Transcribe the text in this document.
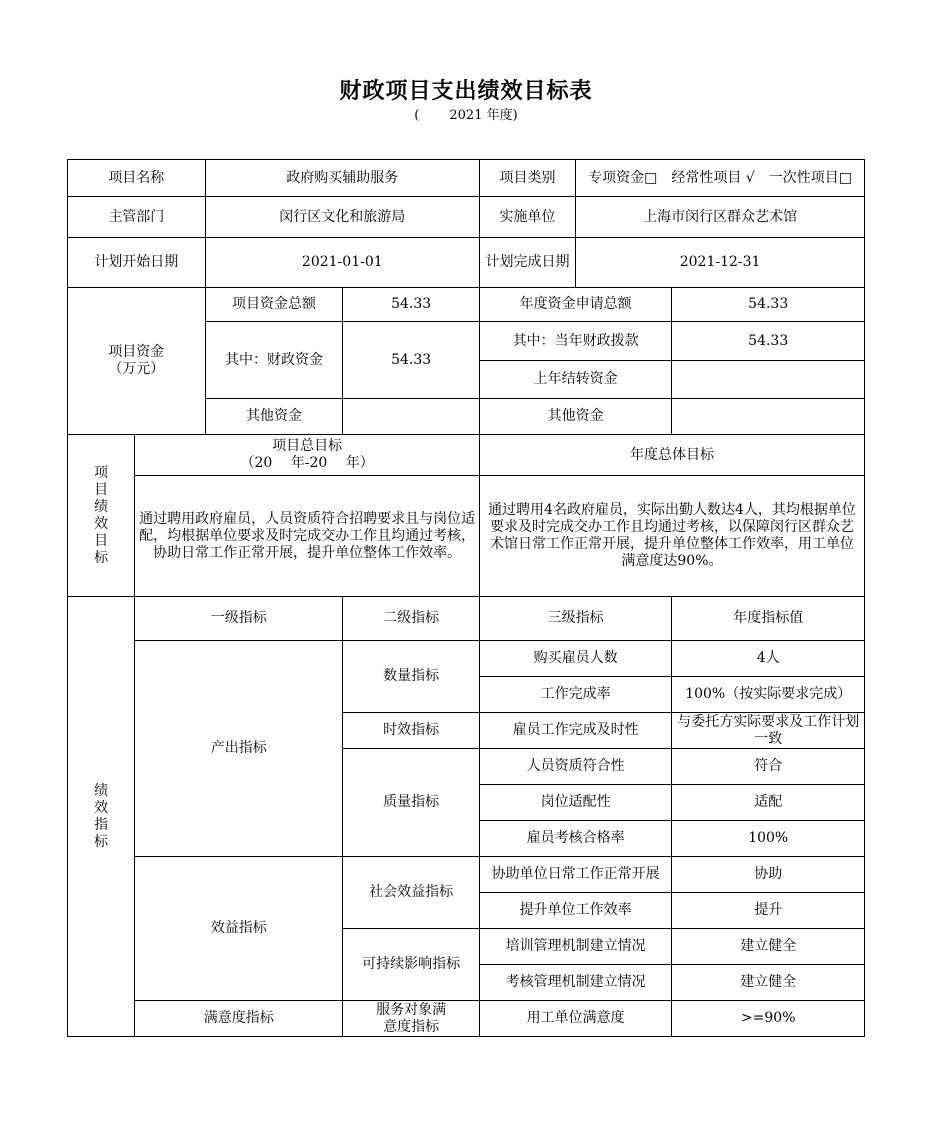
财政项目支出绩效目标表
( 2021 年度)
项目名称		政府购买辅助服务		项目类别	专项资金□　经常性项目 √　一次性项目□	
主管部门		闵行区文化和旅游局		实施单位	上海市闵行区群众艺术馆	
计划开始日期		2021-01-01		计划完成日期	2021-12-31	

项目资金
（万元）		项目资金总额	54.33	年度资金申请总额		54.33
		其中：财政资金	54.33	其中：当年财政拨款		54.33
				上年结转资金		
		其他资金		其他资金		
项目绩效目标	项目总目标
（20　 年-20　 年）			年度总体目标		
	通过聘用政府雇员，人员资质符合招聘要求且与岗位适配，均根据单位要求及时完成交办工作且均通过考核，协助日常工作正常开展，提升单位整体工作效率。			通过聘用4名政府雇员，实际出勤人数达4人，其均根据单位要求及时完成交办工作且均通过考核，以保障闵行区群众艺术馆日常工作正常开展，提升单位整体工作效率，用工单位满意度达90%。		
绩效指标	一级指标		二级指标	三级指标		年度指标值
	产出指标		数量指标	购买雇员人数		4人
				工作完成率		100%（按实际要求完成）
			时效指标	雇员工作完成及时性		与委托方实际要求及工作计划一致
			质量指标	人员资质符合性		符合
				岗位适配性		适配
				雇员考核合格率		100%
	效益指标		社会效益指标	协助单位日常工作正常开展		协助
				提升单位工作效率		提升
			可持续影响指标	培训管理机制建立情况		建立健全
				考核管理机制建立情况		建立健全
	满意度指标		服务对象满意度指标	用工单位满意度		>=90%
